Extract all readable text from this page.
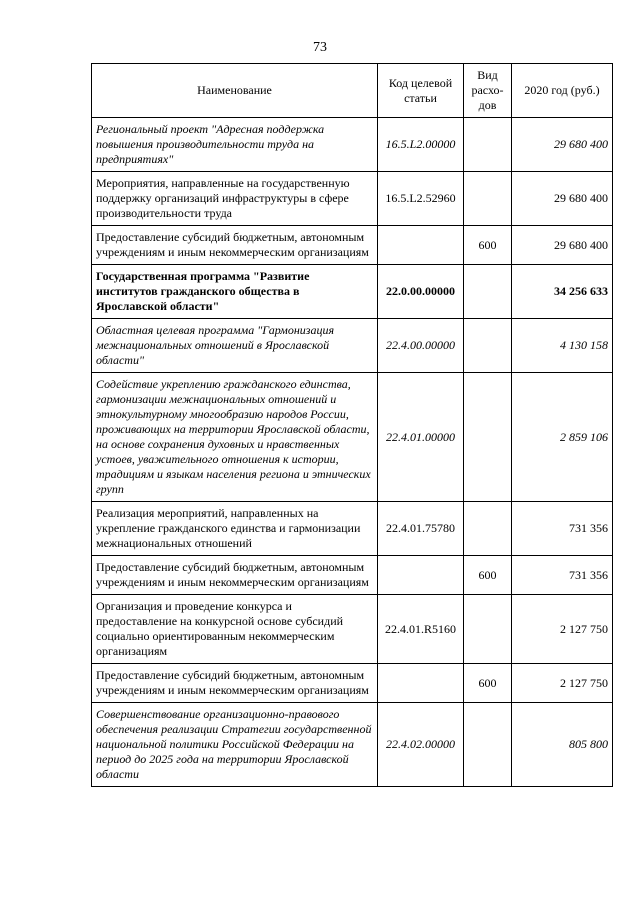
73
Наименование	Код целевой статьи	Вид расхо-дов	2020 год (руб.)
Региональный проект "Адресная поддержка повышения производительности труда на предприятиях"	16.5.L2.00000		29 680 400
Мероприятия, направленные на государственную поддержку организаций инфраструктуры в сфере производительности труда	16.5.L2.52960		29 680 400
Предоставление субсидий бюджетным, автономным учреждениям и иным некоммерческим организациям		600	29 680 400
Государственная программа "Развитие институтов гражданского общества в Ярославской области"	22.0.00.00000		34 256 633
Областная целевая программа "Гармонизация межнациональных отношений в Ярославской области"	22.4.00.00000		4 130 158
Содействие укреплению гражданского единства, гармонизации межнациональных отношений и этнокультурному многообразию народов России, проживающих на территории Ярославской области, на основе сохранения духовных и нравственных устоев, уважительного отношения к истории, традициям и языкам населения региона и этнических групп	22.4.01.00000		2 859 106
Реализация мероприятий, направленных на укрепление гражданского единства и гармонизации межнациональных отношений	22.4.01.75780		731 356
Предоставление субсидий бюджетным, автономным учреждениям и иным некоммерческим организациям		600	731 356
Организация и проведение конкурса и предоставление на конкурсной основе субсидий социально ориентированным некоммерческим организациям	22.4.01.R5160		2 127 750
Предоставление субсидий бюджетным, автономным учреждениям и иным некоммерческим организациям		600	2 127 750
Совершенствование организационно-правового обеспечения реализации Стратегии государственной национальной политики Российской Федерации на период до 2025 года на территории Ярославской области	22.4.02.00000		805 800
